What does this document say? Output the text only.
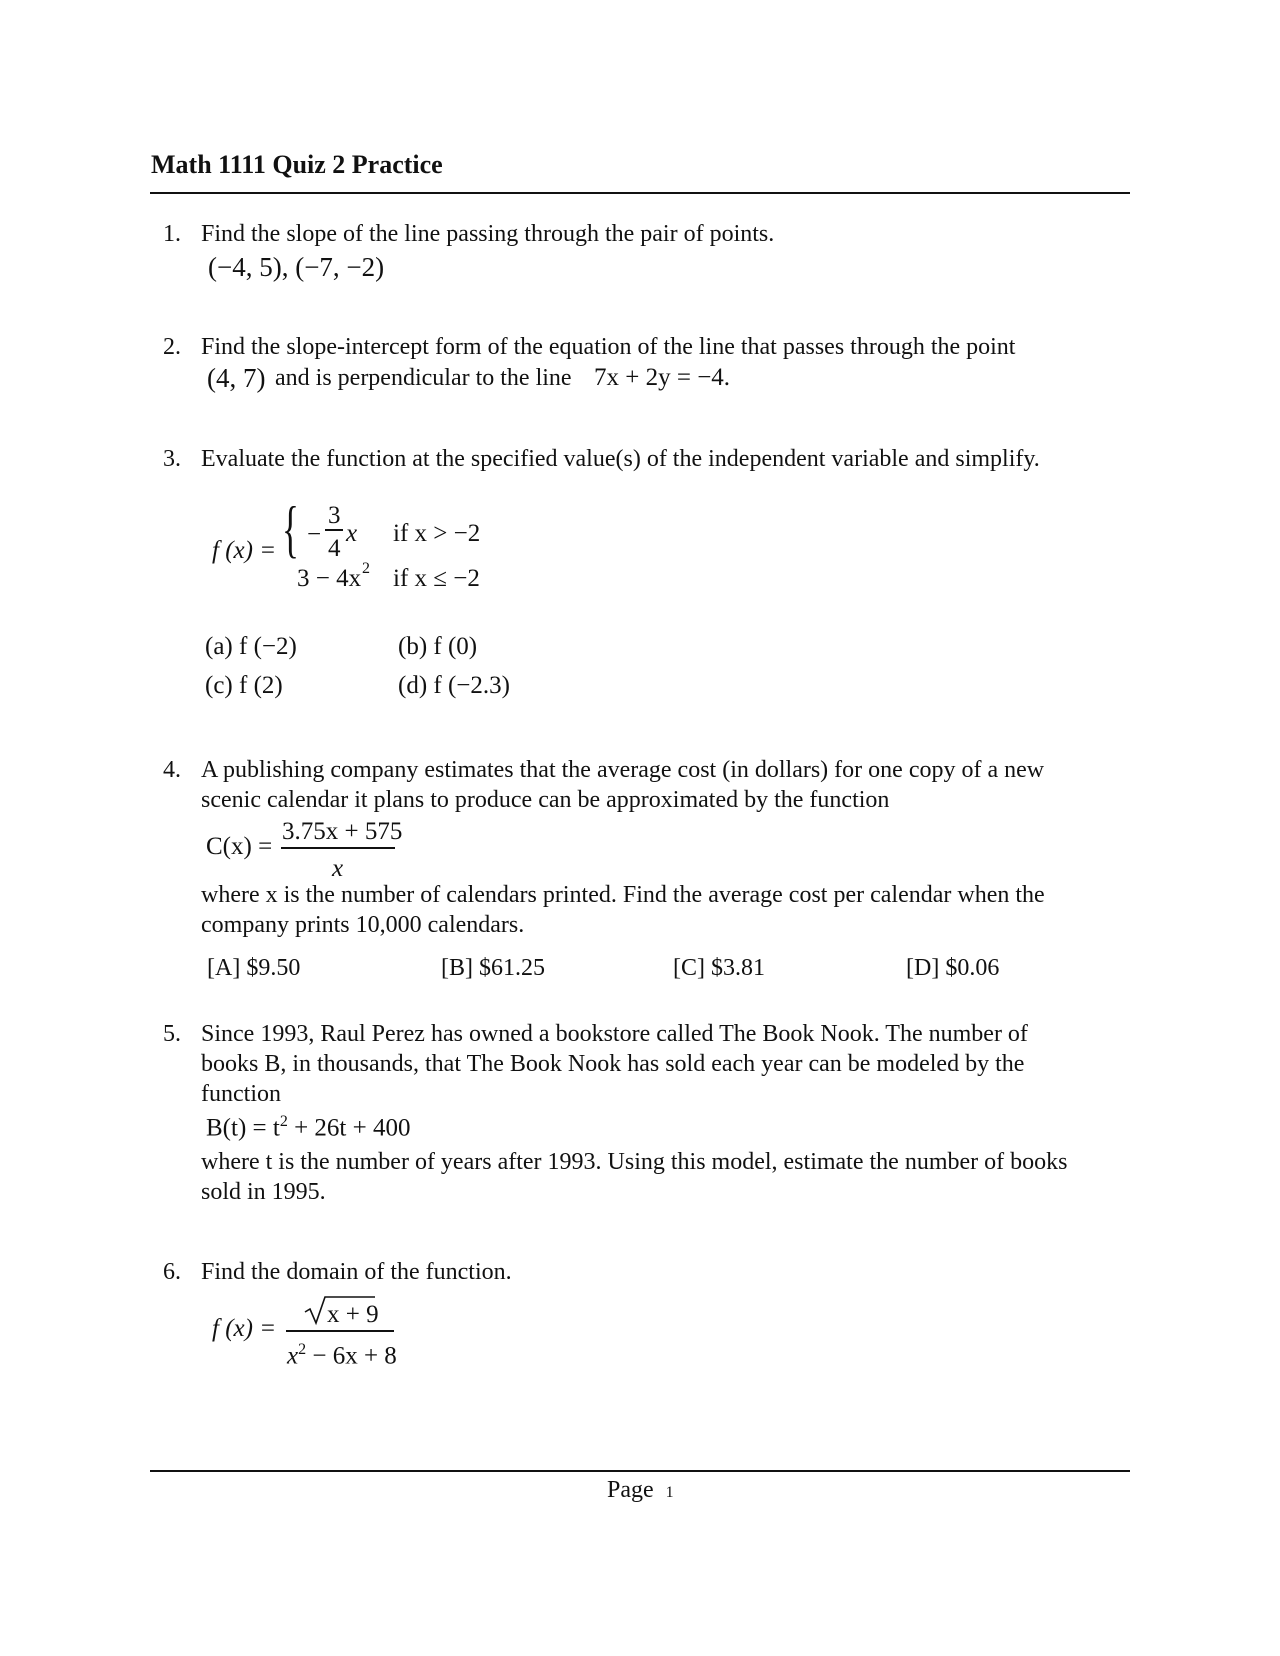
Math 1111 Quiz 2 Practice
1. Find the slope of the line passing through the pair of points.
(−4, 5), (−7, −2)
2. Find the slope-intercept form of the equation of the line that passes through the point
(4, 7) and is perpendicular to the line 7x + 2y = −4.
3. Evaluate the function at the specified value(s) of the independent variable and simplify.
f (x) = { −
3
4
x if x > −2
3 − 4x 2 if x ≤ −2
(a) f (−2)	(b) f (0)
(c) f (2)	(d) f (−2.3)
4. A publishing company estimates that the average cost (in dollars) for one copy of a new
scenic calendar it plans to produce can be approximated by the function
C(x) =
3.75x + 575
x
where x is the number of calendars printed. Find the average cost per calendar when the
company prints 10,000 calendars.
[A] $9.50	[B] $61.25	[C] $3.81	[D] $0.06
5. Since 1993, Raul Perez has owned a bookstore called The Book Nook. The number of
books B, in thousands, that The Book Nook has sold each year can be modeled by the
function
$B(t) = t^2 + 26t + 400$
where t is the number of years after 1993. Using this model, estimate the number of books
sold in 1995.
6. Find the domain of the function.
f (x) =
x + 9
$x^2 - 6x + 8$
Page 1
